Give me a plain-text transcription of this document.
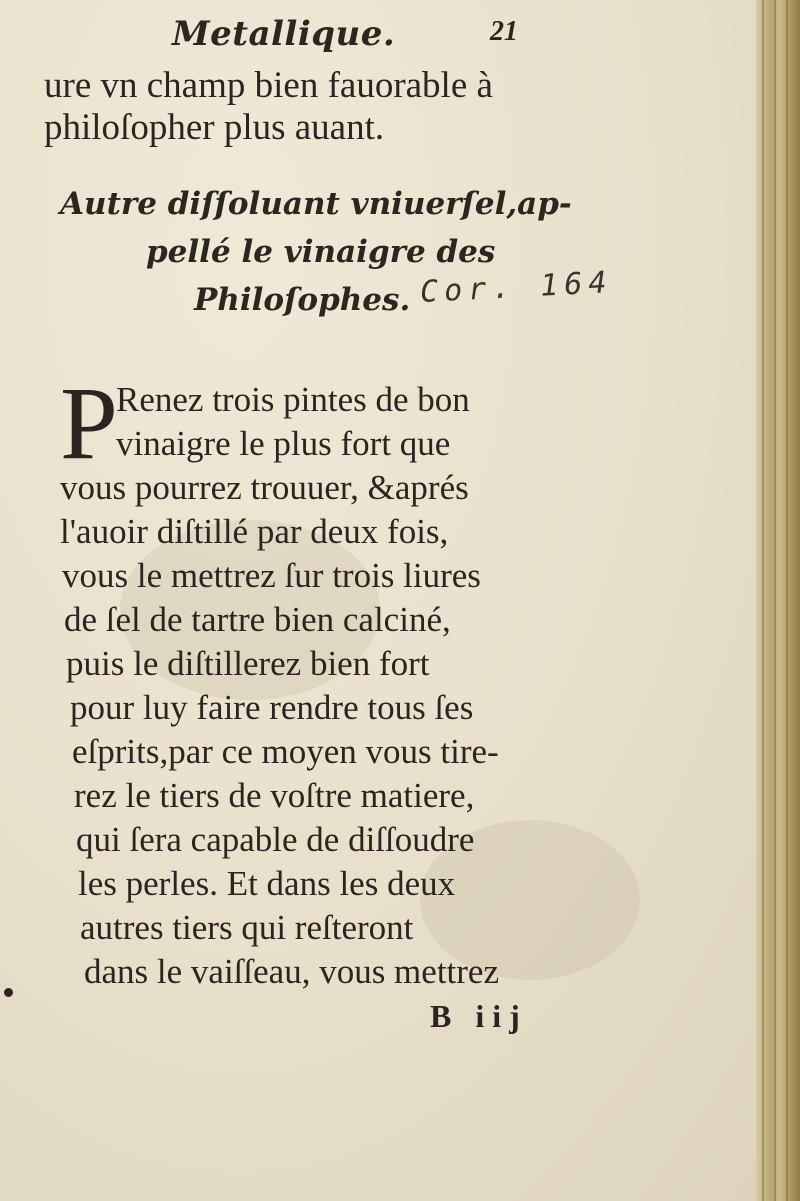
Metallique.	21
ure vn champ bien fauorable à
philoſopher plus auant.
Autre diſſoluant vniuerſel,ap-
pellé le vinaigre des
Philoſophes. Cor. 164
P
Renez trois pintes de bon
vinaigre le plus fort que
vous pourrez trouuer, &aprés
l'auoir diſtillé par deux fois,
vous le mettrez ſur trois liures
de ſel de tartre bien calciné,
puis le diſtillerez bien fort
pour luy faire rendre tous ſes
eſprits,par ce moyen vous tire-
rez le tiers de voſtre matiere,
qui ſera capable de diſſoudre
les perles. Et dans les deux
autres tiers qui reſteront
dans le vaiſſeau, vous mettrez
B iij
